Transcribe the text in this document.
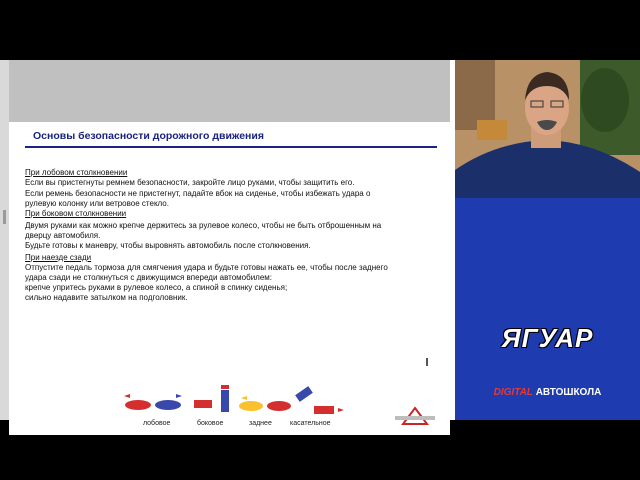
Основы безопасности дорожного движения
При лобовом столкновении
Если вы пристегнуты ремнем безопасности, закройте лицо руками, чтобы защитить его.
Если ремень безопасности не пристегнут, падайте вбок на сиденье, чтобы избежать удара о
рулевую колонку или ветровое стекло.
При боковом столкновении
Двумя руками как можно крепче держитесь за рулевое колесо, чтобы не быть отброшенным на
дверцу автомобиля.
Будьте готовы к маневру, чтобы выровнять автомобиль после столкновения.
При наезде сзади
Отпустите педаль тормоза для смягчения удара и будьте готовы нажать ее, чтобы после заднего
удара сзади не столкнуться с движущимся впереди автомобилем:
крепче упритесь руками в рулевое колесо, а спиной в спинку сиденья;
сильно надавите затылком на подголовник.
лобовое	боковое	заднее	касательное
ЯГУАР
DIGITAL АВТОШКОЛА
